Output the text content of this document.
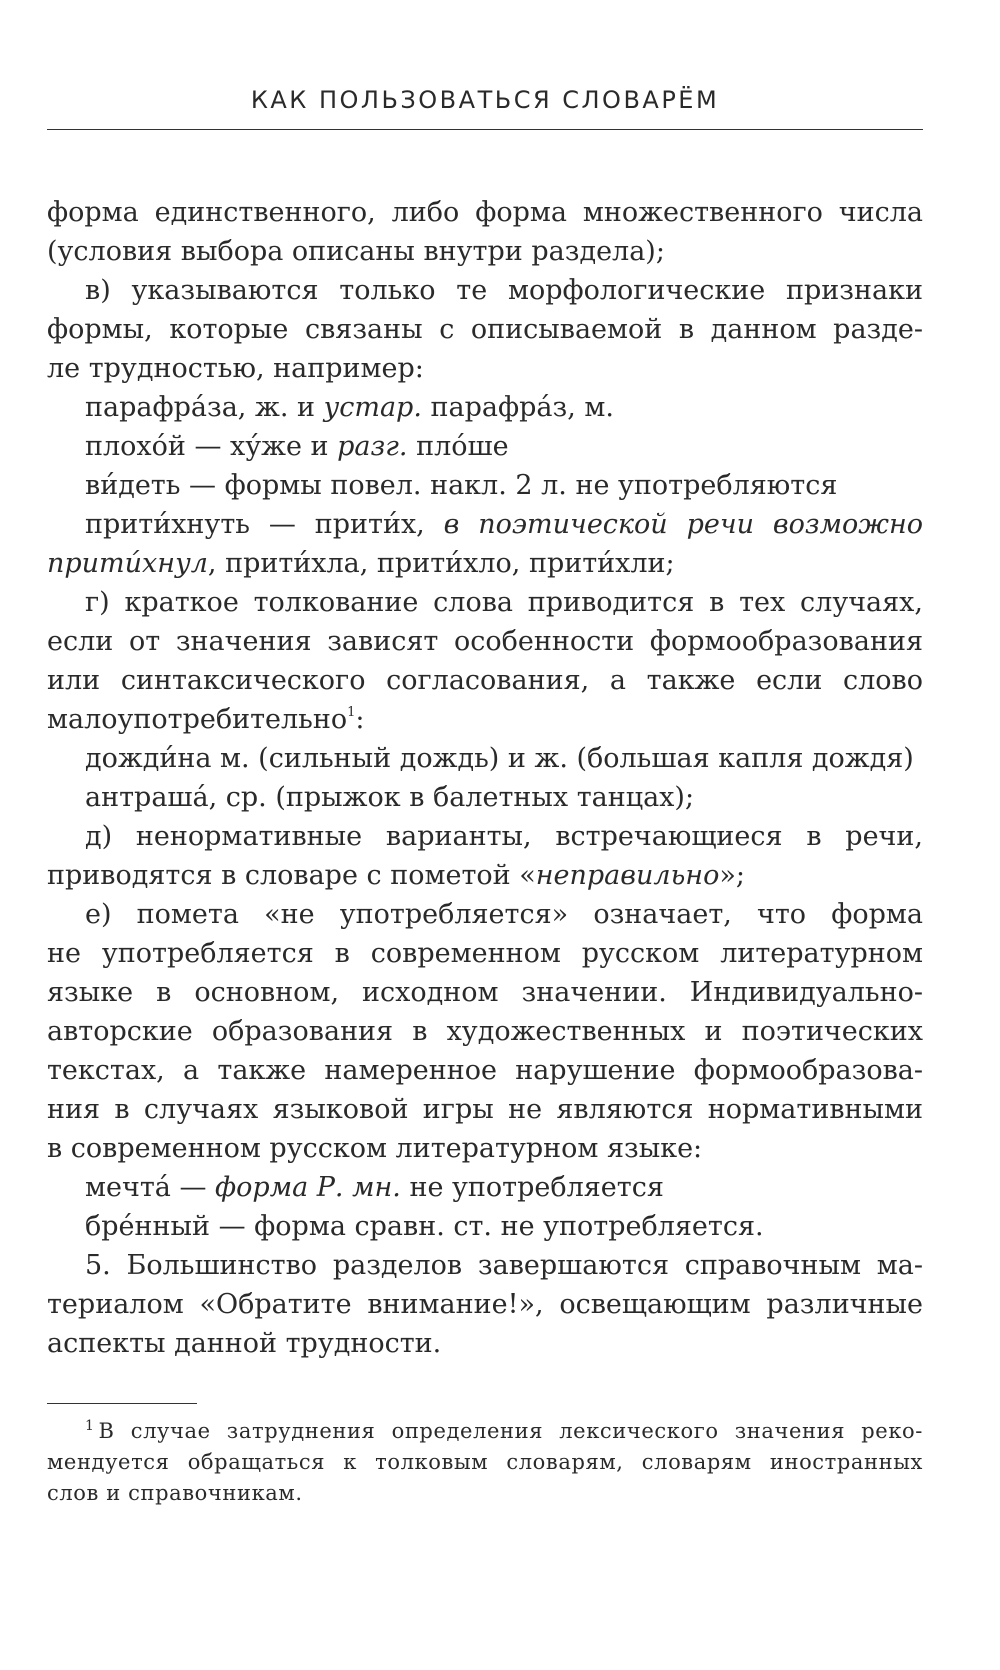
КАК ПОЛЬЗОВАТЬСЯ СЛОВАРЁМ
форма единственного, либо форма множественного числа
(условия выбора описаны внутри раздела);
в) указываются только те морфологические признаки
формы, которые связаны с описываемой в данном разде-
ле трудностью, например:
парафра́за, ж. и устар. парафра́з, м.
плохо́й — ху́же и разг. пло́ше
ви́деть — формы повел. накл. 2 л. не употребляются
прити́хнуть — прити́х, в поэтической речи возможно
прити́хнул, прити́хла, прити́хло, прити́хли;
г) краткое толкование слова приводится в тех случаях,
если от значения зависят особенности формообразования
или синтаксического согласования, а также если слово
малоупотребительно$^1$:
дожди́на м. (сильный дождь) и ж. (большая капля дождя)
антраша́, ср. (прыжок в балетных танцах);
д) ненормативные варианты, встречающиеся в речи,
приводятся в словаре с пометой «неправильно»;
е) помета «не употребляется» означает, что форма
не употребляется в современном русском литературном
языке в основном, исходном значении. Индивидуально-
авторские образования в художественных и поэтических
текстах, а также намеренное нарушение формообразова-
ния в случаях языковой игры не являются нормативными
в современном русском литературном языке:
мечта́ — форма Р. мн. не употребляется
бре́нный — форма сравн. ст. не употребляется.
5. Большинство разделов завершаются справочным ма-
териалом «Обратите внимание!», освещающим различные
аспекты данной трудности.
$^1$ В случае затруднения определения лексического значения реко-
мендуется обращаться к толковым словарям, словарям иностранных
слов и справочникам.
